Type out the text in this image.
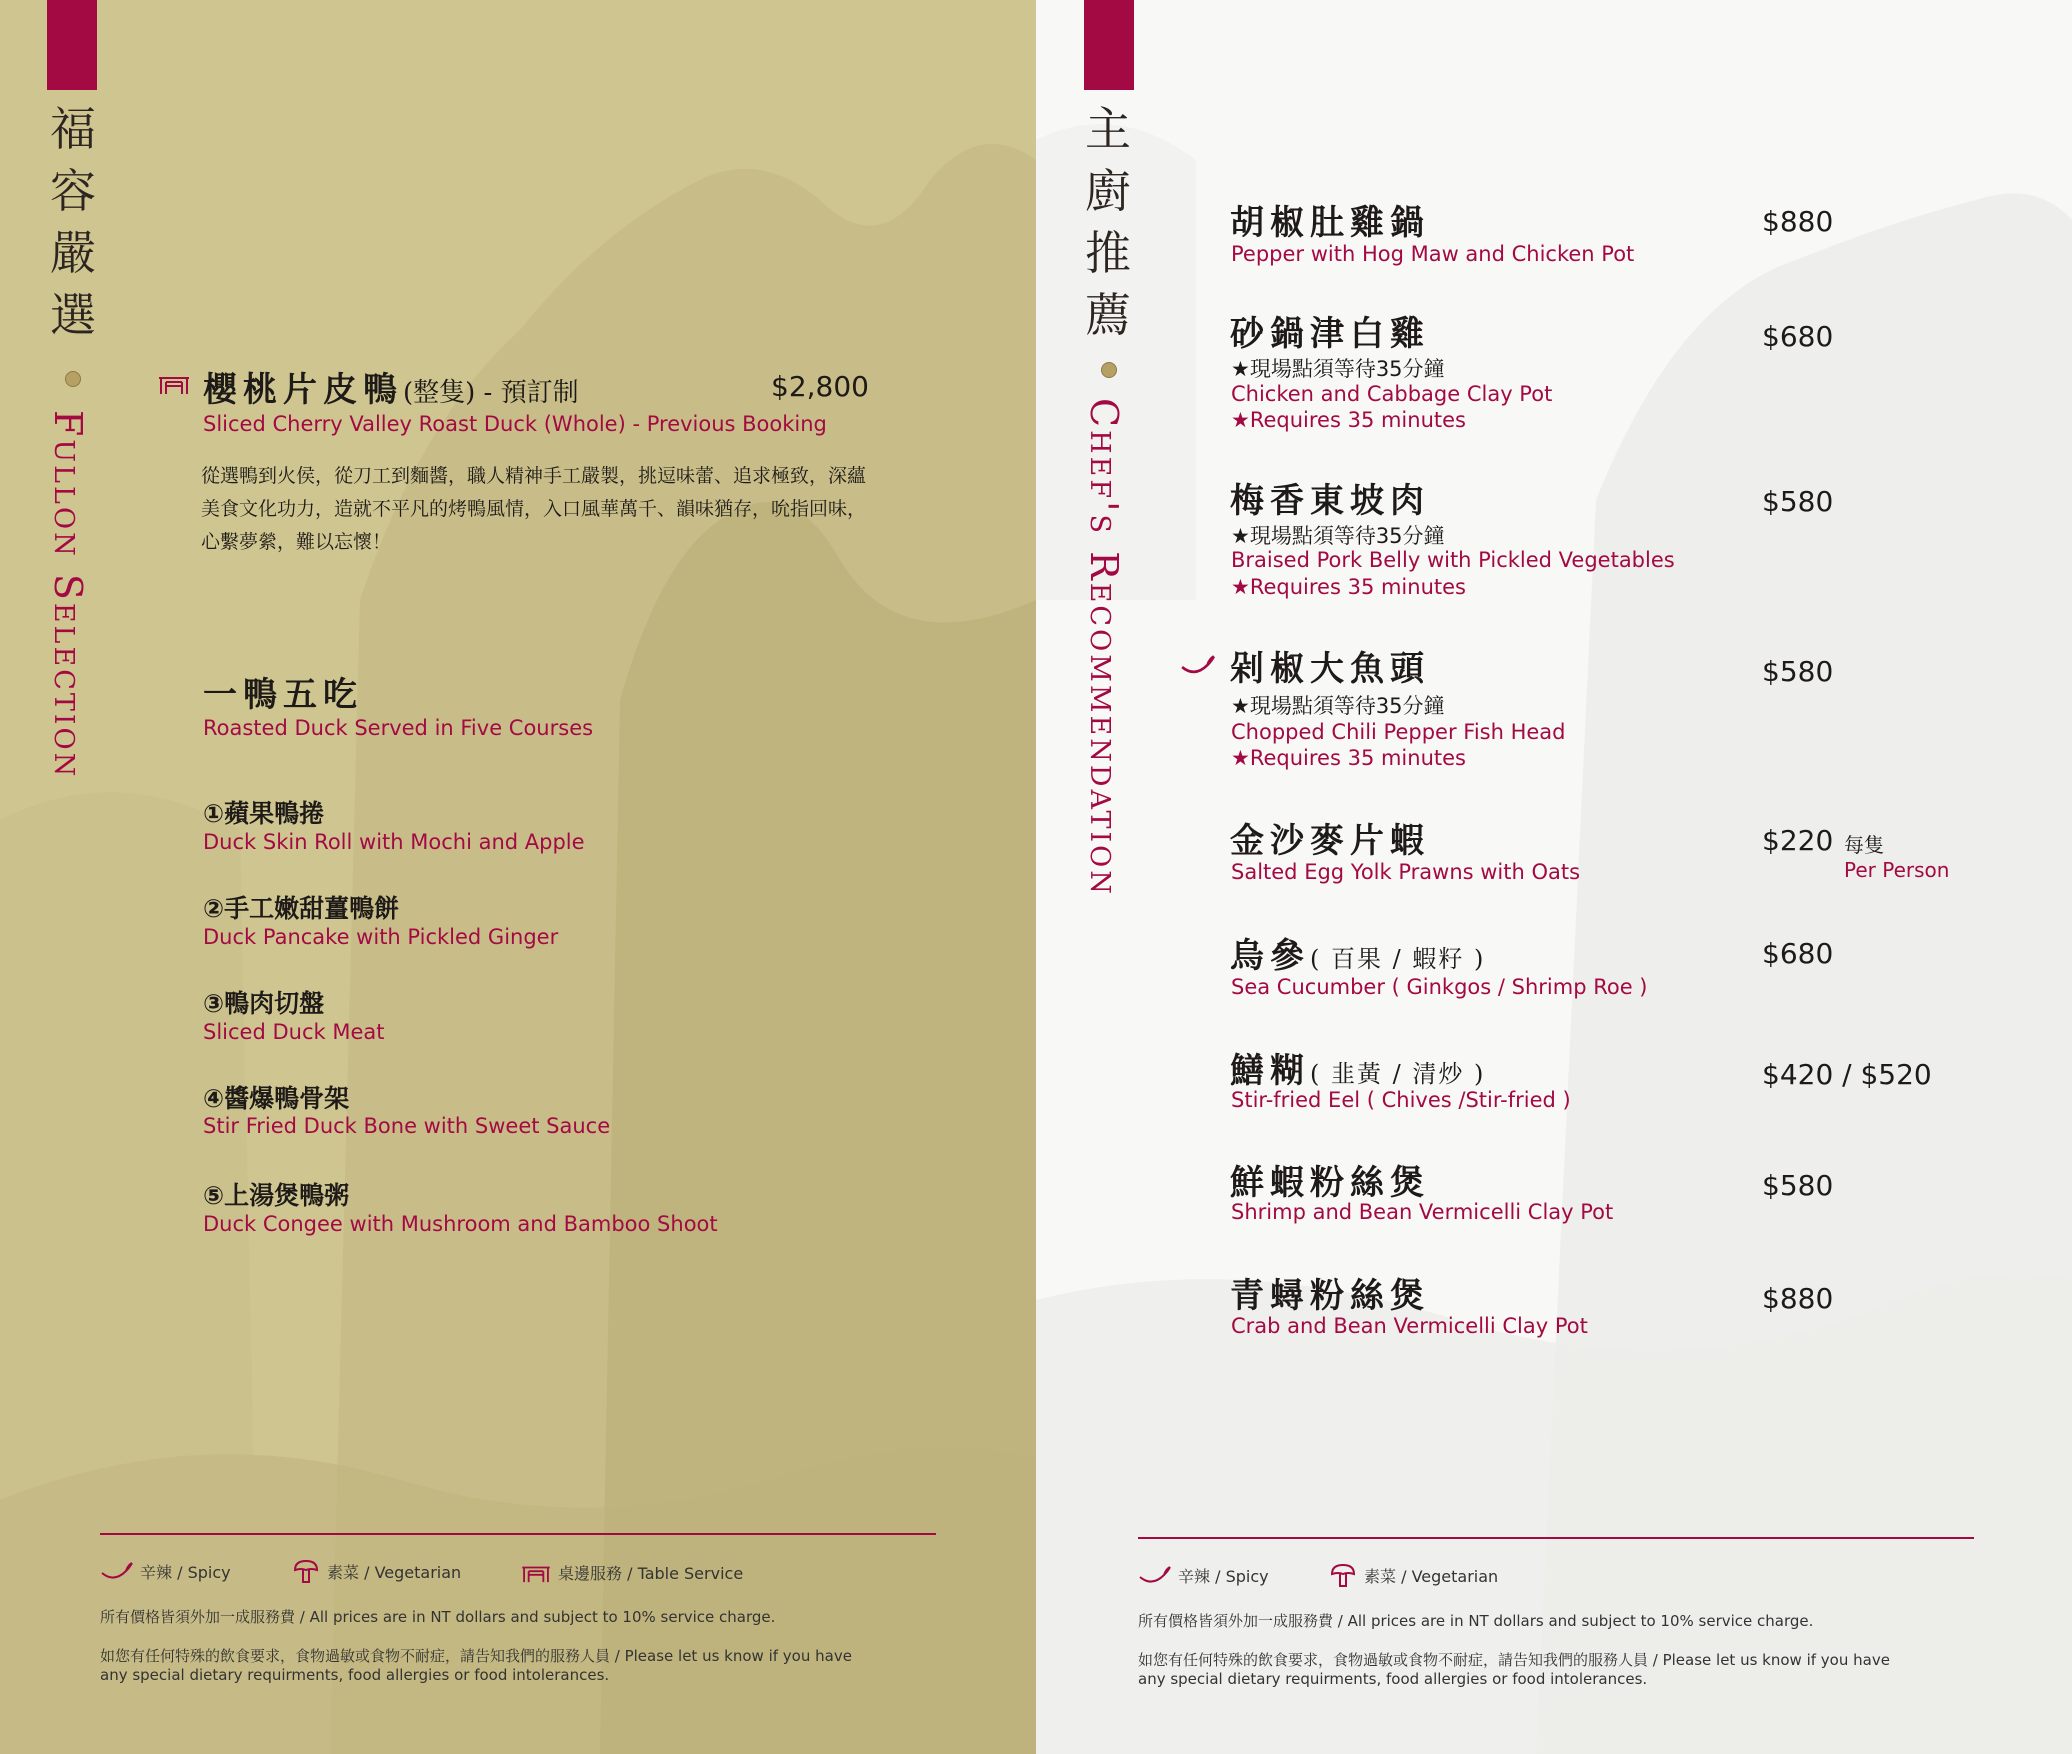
福容嚴選
Fullon Selection
櫻桃片皮鴨(整隻) - 預訂制	$2,800
Sliced Cherry Valley Roast Duck (Whole) - Previous Booking
從選鴨到火侯，從刀工到麵醬，職人精神手工嚴製，挑逗味蕾、追求極致，深蘊美食文化功力，造就不平凡的烤鴨風情，入口風華萬千、韻味猶存，吮指回味，心繫夢縈，難以忘懷！
一鴨五吃
Roasted Duck Served in Five Courses
①蘋果鴨捲
Duck Skin Roll with Mochi and Apple
②手工嫩甜薑鴨餅
Duck Pancake with Pickled Ginger
③鴨肉切盤
Sliced Duck Meat
④醬爆鴨骨架
Stir Fried Duck Bone with Sweet Sauce
⑤上湯煲鴨粥
Duck Congee with Mushroom and Bamboo Shoot
辛辣 / Spicy	素菜 / Vegetarian	桌邊服務 / Table Service
所有價格皆須外加一成服務費 / All prices are in NT dollars and subject to 10% service charge.
如您有任何特殊的飲食要求，食物過敏或食物不耐症，請告知我們的服務人員 / Please let us know if you have
any special dietary requirments, food allergies or food intolerances.
主廚推薦
Chef's Recommendation
胡椒肚雞鍋
Pepper with Hog Maw and Chicken Pot
$880
砂鍋津白雞
★現場點須等待35分鐘
Chicken and Cabbage Clay Pot
★Requires 35 minutes
$680
梅香東坡肉
★現場點須等待35分鐘
Braised Pork Belly with Pickled Vegetables
★Requires 35 minutes
$580
剁椒大魚頭
★現場點須等待35分鐘
Chopped Chili Pepper Fish Head
★Requires 35 minutes
$580
金沙麥片蝦
Salted Egg Yolk Prawns with Oats
$220 每隻
Per Person
烏參( 百果 / 蝦籽 )
Sea Cucumber ( Ginkgos / Shrimp Roe )
$680
鱔糊( 韭黃 / 清炒 )
Stir-fried Eel ( Chives /Stir-fried )
$420 / $520
鮮蝦粉絲煲
Shrimp and Bean Vermicelli Clay Pot
$580
青蟳粉絲煲
Crab and Bean Vermicelli Clay Pot
$880
辛辣 / Spicy	素菜 / Vegetarian
所有價格皆須外加一成服務費 / All prices are in NT dollars and subject to 10% service charge.
如您有任何特殊的飲食要求，食物過敏或食物不耐症，請告知我們的服務人員 / Please let us know if you have
any special dietary requirments, food allergies or food intolerances.
